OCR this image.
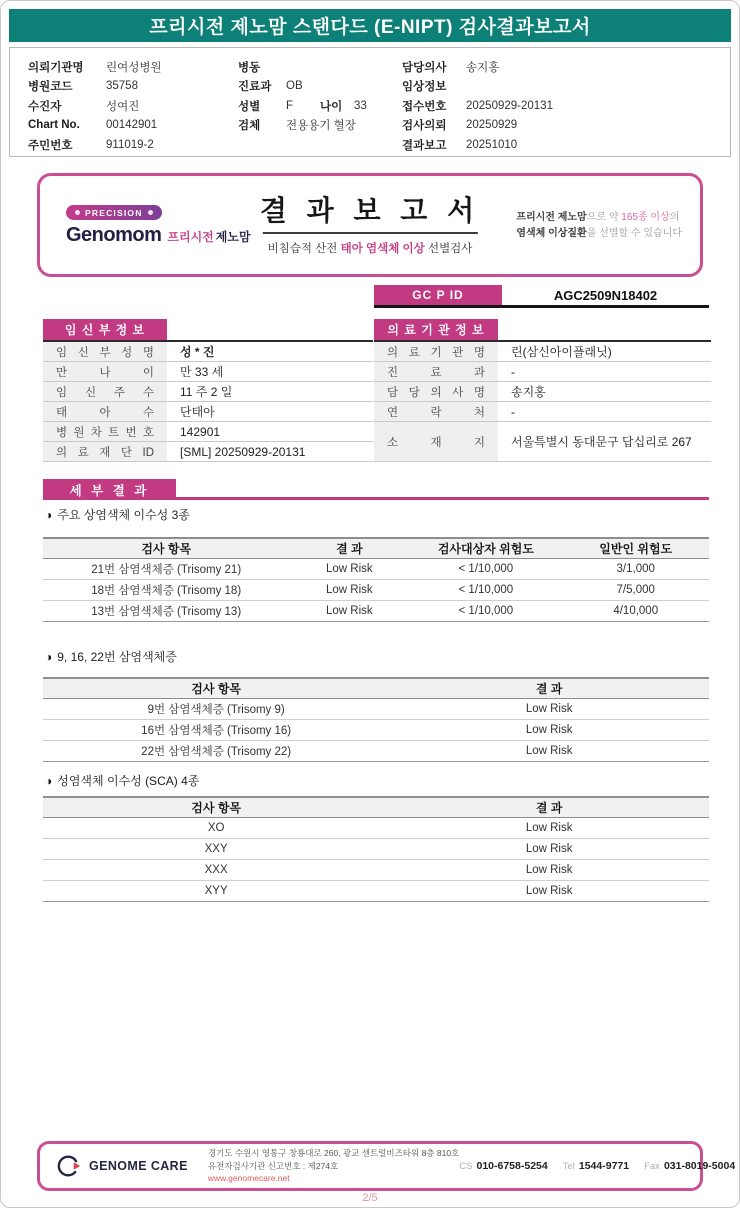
프리시전 제노맘 스탠다드 (E-NIPT) 검사결과보고서
의뢰기관명	린여성병원
병원코드	35758
수진자	성여진
Chart No.	00142901
주민번호	911019-2
병동
진료과	OB
성별	F	나이	33
검체	전용용기 혈장
담당의사	송지홍
임상정보
접수번호	20250929-20131
검사의뢰	20250929
결과보고	20251010
PRECISION
Genomom 프리시전 제노맘
결 과 보 고 서
비침습적 산전 태아 염색체 이상 선별검사
프리시전 제노맘으로 약 165종 이상의
염색체 이상질환을 선별할 수 있습니다
GC P ID	AGC2509N18402
임 신 부 정 보
임 신 부 성 명	성 * 진
만 나 이	만 33 세
임 신 주 수	11 주 2 일
태 아 수	단태아
병 원 차 트 번 호	142901
의 료 재 단 ID	[SML] 20250929-20131
의 료 기 관 정 보
의 료 기 관 명	린(삼신아이플래닛)
진 료 과	-
담 당 의 사 명	송지홍
연 락 처	-
소 재 지	서울특별시 동대문구 답십리로 267
세 부 결 과
◑ 주요 상염색체 이수성 3종
검사 항목	결 과	검사대상자 위험도	일반인 위험도
21번 삼염색체증 (Trisomy 21)	Low Risk	< 1/10,000	3/1,000
18번 삼염색체증 (Trisomy 18)	Low Risk	< 1/10,000	7/5,000
13번 삼염색체증 (Trisomy 13)	Low Risk	< 1/10,000	4/10,000
◑ 9, 16, 22번 삼염색체증
검사 항목	결 과
9번 삼염색체증 (Trisomy 9)	Low Risk
16번 삼염색체증 (Trisomy 16)	Low Risk
22번 삼염색체증 (Trisomy 22)	Low Risk
◑ 성염색체 이수성 (SCA) 4종
검사 항목	결 과
XO	Low Risk
XXY	Low Risk
XXX	Low Risk
XYY	Low Risk
GENOME CARE
경기도 수원시 영통구 창룡대로 260, 광교 센트럴비즈타워 8층 810호
유전자검사기관 신고번호 : 제274호
www.genomecare.net
CS 010-6758-5254 Tel 1544-9771 Fax 031-8019-5004
2/5
